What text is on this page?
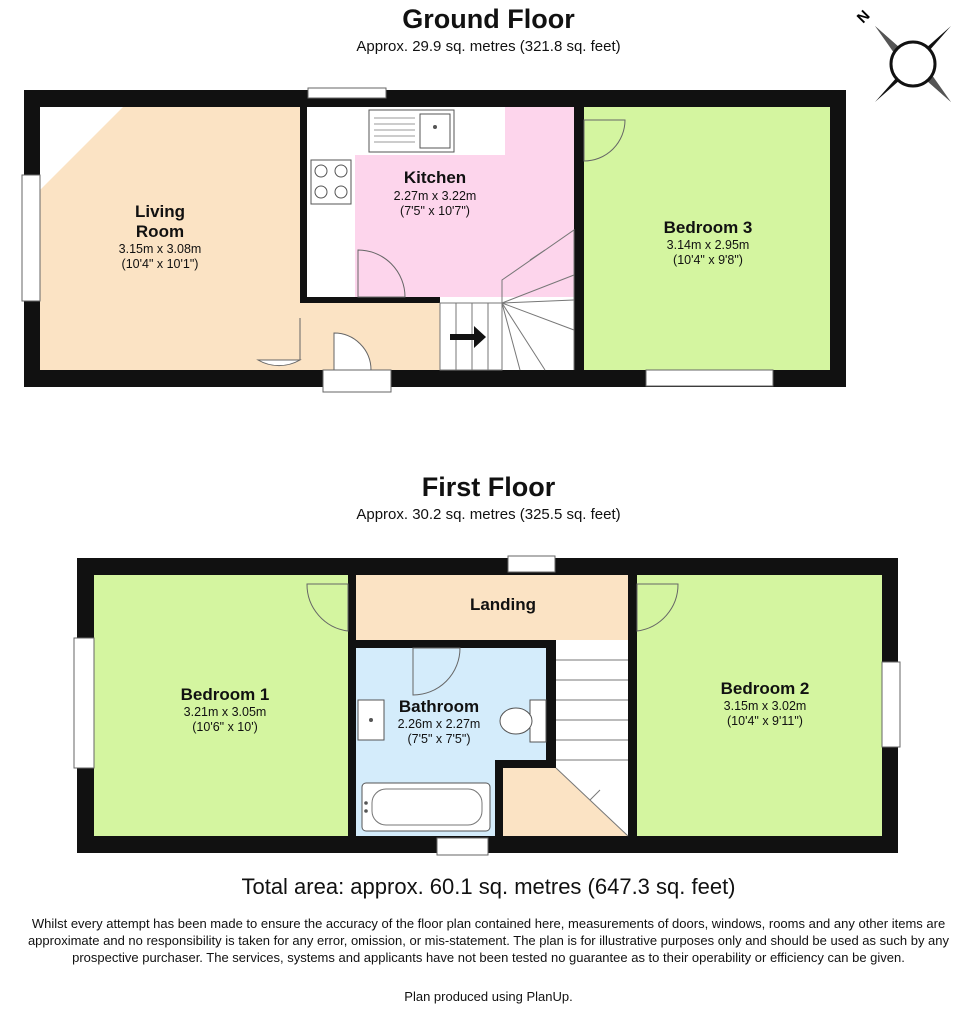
Ground Floor
Approx. 29.9 sq. metres (321.8 sq. feet)
First Floor
Approx. 30.2 sq. metres (325.5 sq. feet)
Living
Room
3.15m x 3.08m
(10'4" x 10'1")
Kitchen
2.27m x 3.22m
(7'5" x 10'7")
Bedroom 3
3.14m x 2.95m
(10'4" x 9'8")
N
Landing
Bedroom 1
3.21m x 3.05m
(10'6" x 10')
Bathroom
2.26m x 2.27m
(7'5" x 7'5")
Bedroom 2
3.15m x 3.02m
(10'4" x 9'11")
Total area: approx. 60.1 sq. metres (647.3 sq. feet)
Whilst every attempt has been made to ensure the accuracy of the floor plan contained here, measurements of doors, windows, rooms and any other items are approximate and no responsibility is taken for any error, omission, or mis-statement. The plan is for illustrative purposes only and should be used as such by any prospective purchaser. The services, systems and applicants have not been tested no guarantee as to their operability or efficiency can be given.
Plan produced using PlanUp.
